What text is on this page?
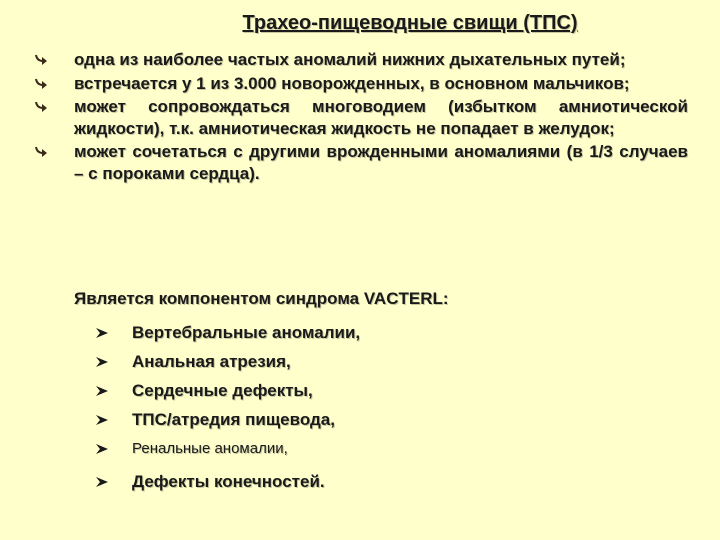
Трахео-пищеводные свищи (ТПС)
одна из наиболее частых аномалий нижних дыхательных путей;
встречается у 1 из 3.000 новорожденных, в основном мальчиков;
может сопровождаться многоводием (избытком амниотической жидкости), т.к. амниотическая жидкость не попадает в желудок;
может сочетаться с другими врожденными аномалиями (в 1/3 случаев – с пороками сердца).
Является компонентом синдрома VACTERL:
Вертебральные аномалии,
Анальная атрезия,
Сердечные дефекты,
ТПС/атредия пищевода,
Ренальные аномалии,
Дефекты конечностей.
